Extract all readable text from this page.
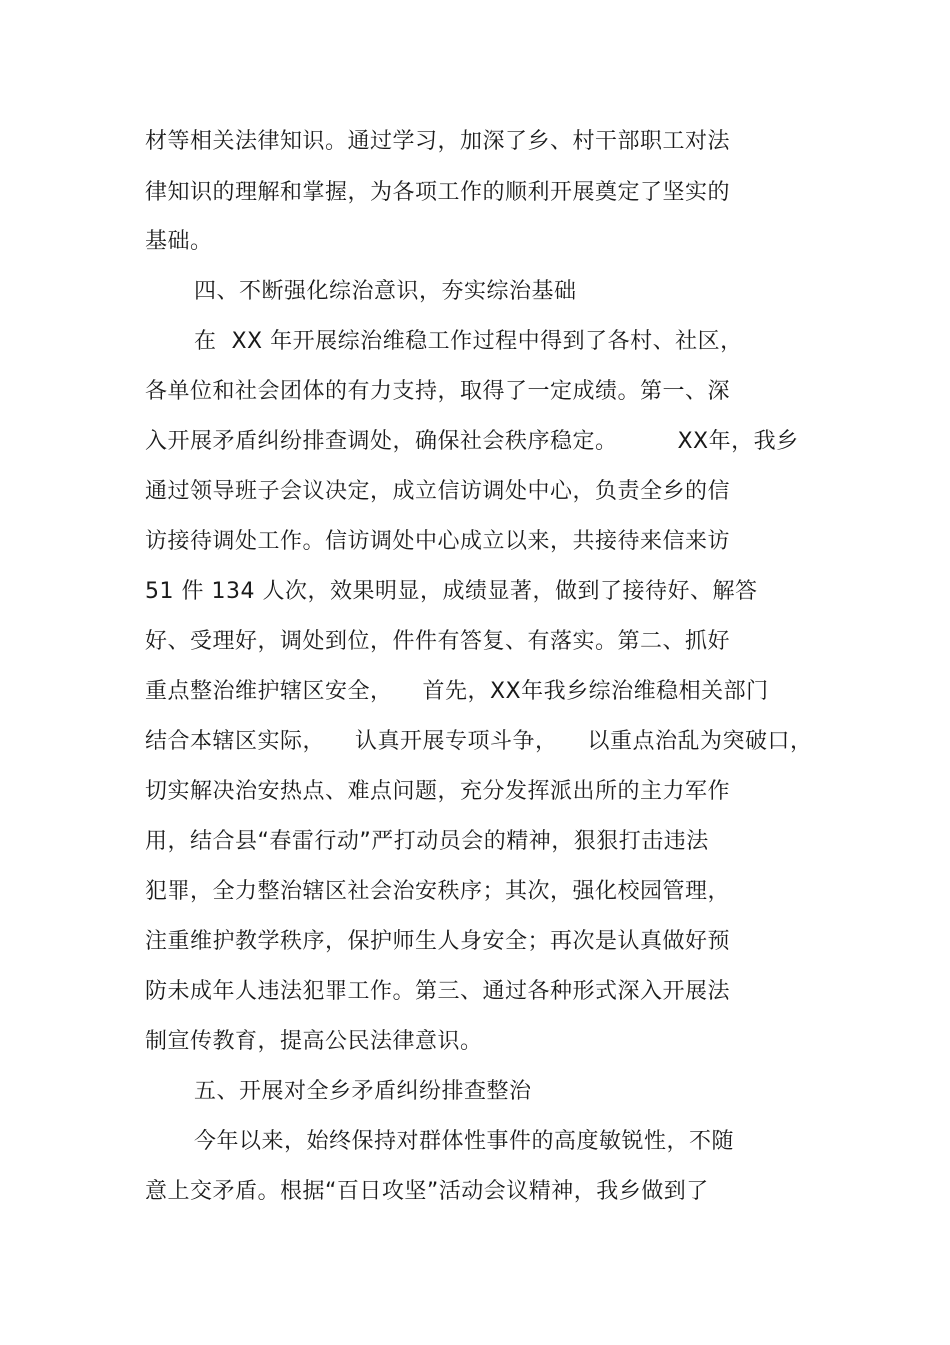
材等相关法律知识。通过学习，加深了乡、村干部职工对法
律知识的理解和掌握，为各项工作的顺利开展奠定了坚实的
基础。
四、不断强化综治意识，夯实综治基础
在  XX 年开展综治维稳工作过程中得到了各村、社区，
各单位和社会团体的有力支持，取得了一定成绩。第一、深
入开展矛盾纠纷排查调处，确保社会秩序稳定。        XX年，我乡
通过领导班子会议决定，成立信访调处中心，负责全乡的信
访接待调处工作。信访调处中心成立以来，共接待来信来访
51 件 134 人次，效果明显，成绩显著，做到了接待好、解答
好、受理好，调处到位，件件有答复、有落实。第二、抓好
重点整治维护辖区安全，    首先，XX年我乡综治维稳相关部门
结合本辖区实际，    认真开展专项斗争，    以重点治乱为突破口，
切实解决治安热点、难点问题，充分发挥派出所的主力军作
用，结合县“春雷行动”严打动员会的精神，狠狠打击违法
犯罪，全力整治辖区社会治安秩序；其次，强化校园管理，
注重维护教学秩序，保护师生人身安全；再次是认真做好预
防未成年人违法犯罪工作。第三、通过各种形式深入开展法
制宣传教育，提高公民法律意识。
五、开展对全乡矛盾纠纷排查整治
今年以来，始终保持对群体性事件的高度敏锐性，不随
意上交矛盾。根据“百日攻坚”活动会议精神，我乡做到了
